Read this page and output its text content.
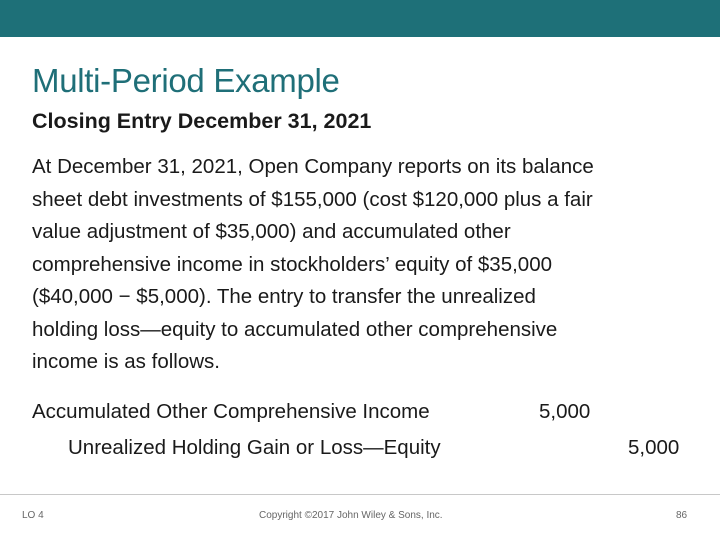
Multi-Period Example
Closing Entry December 31, 2021

At December 31, 2021, Open Company reports on its balance
sheet debt investments of $155,000 (cost $120,000 plus a fair
value adjustment of $35,000) and accumulated other
comprehensive income in stockholders’ equity of $35,000
($40,000 − $5,000). The entry to transfer the unrealized
holding loss—equity to accumulated other comprehensive
income is as follows.

Accumulated Other Comprehensive Income	5,000
Unrealized Holding Gain or Loss—Equity	5,000
LO 4	Copyright ©2017 John Wiley & Sons, Inc.	86
